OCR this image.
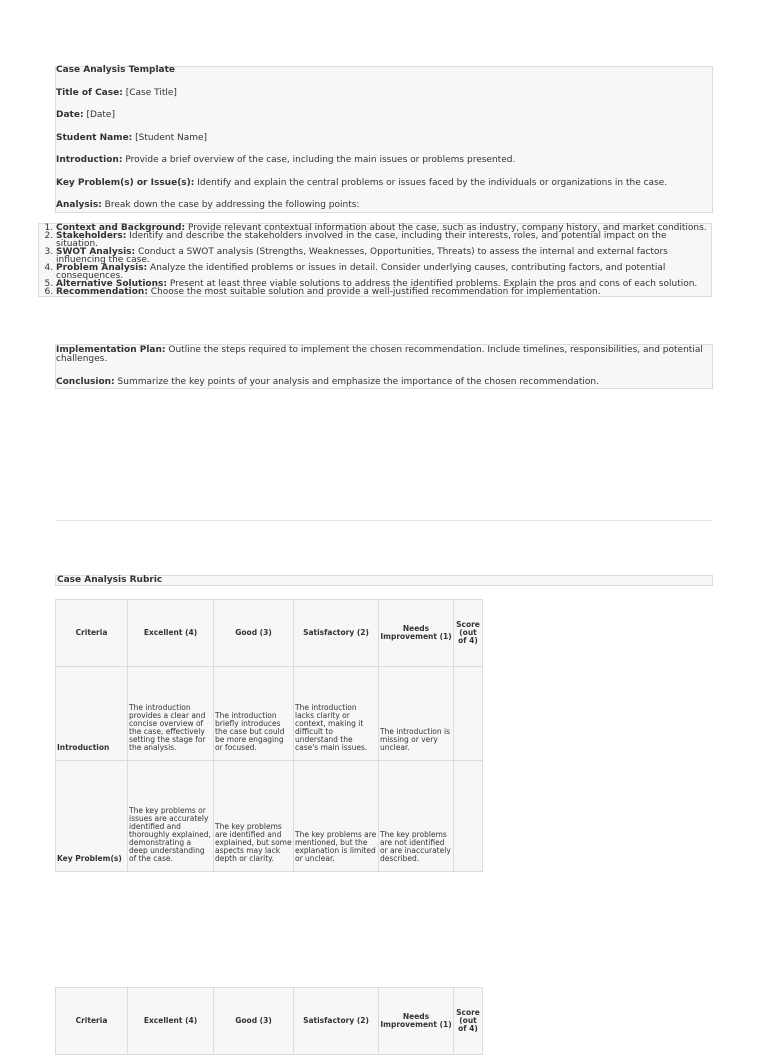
Case Analysis Template
Title of Case: [Case Title]
Date: [Date]
Student Name: [Student Name]
Introduction: Provide a brief overview of the case, including the main issues or problems presented.
Key Problem(s) or Issue(s): Identify and explain the central problems or issues faced by the individuals or organizations in the case.
Analysis: Break down the case by addressing the following points:
1. Context and Background: Provide relevant contextual information about the case, such as industry, company history, and market conditions.
2. Stakeholders: Identify and describe the stakeholders involved in the case, including their interests, roles, and potential impact on the situation.
3. SWOT Analysis: Conduct a SWOT analysis (Strengths, Weaknesses, Opportunities, Threats) to assess the internal and external factors influencing the case.
4. Problem Analysis: Analyze the identified problems or issues in detail. Consider underlying causes, contributing factors, and potential consequences.
5. Alternative Solutions: Present at least three viable solutions to address the identified problems. Explain the pros and cons of each solution.
6. Recommendation: Choose the most suitable solution and provide a well-justified recommendation for implementation.
Implementation Plan: Outline the steps required to implement the chosen recommendation. Include timelines, responsibilities, and potential challenges.
Conclusion: Summarize the key points of your analysis and emphasize the importance of the chosen recommendation.
Case Analysis Rubric
Criteria	Excellent (4)	Good (3)	Satisfactory (2)	Needs Improvement (1)	Score (out of 4)
Introduction	The introduction provides a clear and concise overview of the case, effectively setting the stage for the analysis.	The introduction briefly introduces the case but could be more engaging or focused.	The introduction lacks clarity or context, making it difficult to understand the case's main issues.	The introduction is missing or very unclear.	
Key Problem(s)	The key problems or issues are accurately identified and thoroughly explained, demonstrating a deep understanding of the case.	The key problems are identified and explained, but some aspects may lack depth or clarity.	The key problems are mentioned, but the explanation is limited or unclear.	The key problems are not identified or are inaccurately described.	
Criteria	Excellent (4)	Good (3)	Satisfactory (2)	Needs Improvement (1)	Score (out of 4)
